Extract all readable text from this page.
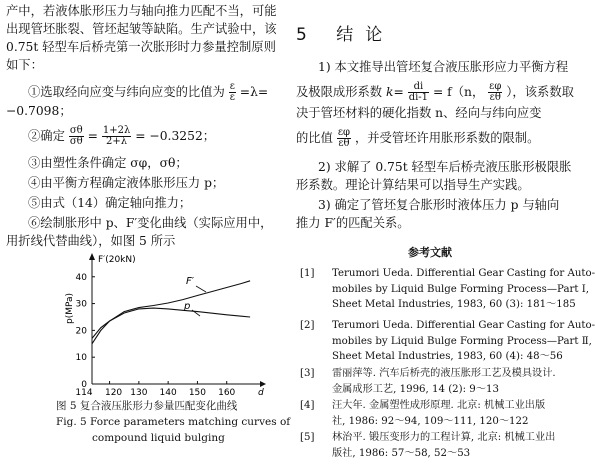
产中，若液体胀形压力与轴向推力匹配不当，可能
出现管坯胀裂、管坯起皱等缺陷。生产试验中，该
0.75t 轻型车后桥壳第一次胀形时力参量控制原则
如下：
①选取经向应变与纬向应变的比值为 $\frac{\varepsilon}{\varepsilon} =\lambda=$
−0.7098；
②确定 $\frac{\sigma\theta}{\sigma\theta} = \frac{1+2\lambda}{2+\lambda} = -0.3252$；
③由塑性条件确定 σφ，σθ；
④由平衡方程确定液体胀形压力 p；
⑤由式（14）确定轴向推力；
⑥绘制胀形中 p、F′变化曲线（实际应用中，
用折线代替曲线），如图 5 所示
114 120 130 140 150 160	d
0
10
20
30
40
F′(20kN)
p(MPa)
F′
p
图 5 复合液压胀形力参量匹配变化曲线
Fig. 5 Force parameters matching curves of
compound liquid bulging
5 结论
1) 本文推导出管坯复合液压胀形应力平衡方程
及极限成形系数 $k= \frac{di}{di-1} = f(n$， $\frac{\varepsilon\varphi}{\varepsilon\theta}$ ），该系数取
决于管坯材料的硬化指数 n、经向与纬向应变
的比值 $\frac{\varepsilon\varphi}{\varepsilon\theta}$ ，并受管坯许用胀形系数的限制。
2) 求解了 0.75t 轻型车后桥壳液压胀形极限胀
形系数。理论计算结果可以指导生产实践。
3) 确定了管坯复合胀形时液体压力 p 与轴向
推力 F′的匹配关系。
参考文献
[1] Terumori Ueda. Differential Gear Casting for Auto-
mobiles by Liquid Bulge Forming Process—Part Ⅰ,
Sheet Metal Industries, 1983, 60 (3): 181～185
[2] Terumori Ueda. Differential Gear Casting for Auto-
mobiles by Liquid Bulge Forming Process—Part Ⅱ,
Sheet Metal Industries, 1983, 60 (4): 48～56
[3] 雷丽萍等. 汽车后桥壳的液压胀形工艺及模具设计.
金属成形工艺, 1996, 14 (2): 9～13
[4] 汪大年. 金属塑性成形原理. 北京: 机械工业出版
社, 1986: 92～94, 109～111, 120～122
[5] 林治平. 锻压变形力的工程计算, 北京: 机械工业出
版社, 1986: 57～58, 52～53
